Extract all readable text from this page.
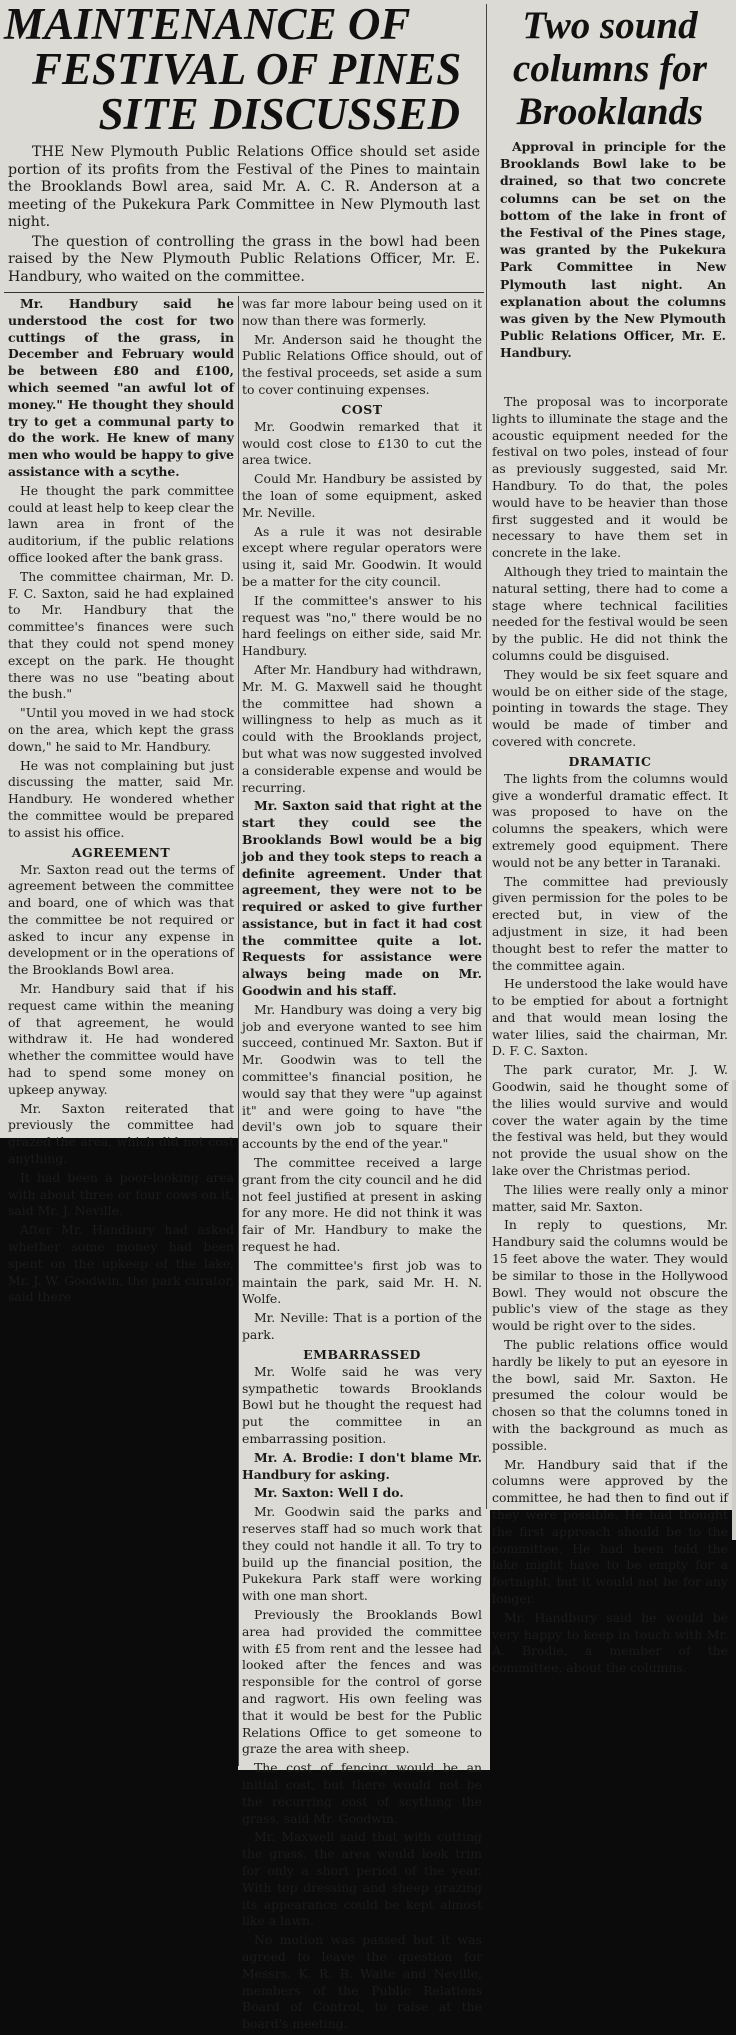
MAINTENANCE OF
FESTIVAL OF PINES
SITE DISCUSSED

THE New Plymouth Public Relations Office should set aside portion of its profits from the Festival of the Pines to maintain the Brooklands Bowl area, said Mr. A. C. R. Anderson at a meeting of the Pukekura Park Committee in New Plymouth last night.

The question of controlling the grass in the bowl had been raised by the New Plymouth Public Relations Officer, Mr. E. Handbury, who waited on the committee.

Mr. Handbury said he understood the cost for two cuttings of the grass, in December and February would be between £80 and £100, which seemed "an awful lot of money." He thought they should try to get a communal party to do the work. He knew of many men who would be happy to give assistance with a scythe.

He thought the park committee could at least help to keep clear the lawn area in front of the auditorium, if the public relations office looked after the bank grass.

The committee chairman, Mr. D. F. C. Saxton, said he had explained to Mr. Handbury that the committee's finances were such that they could not spend money except on the park. He thought there was no use "beating about the bush."

"Until you moved in we had stock on the area, which kept the grass down," he said to Mr. Handbury.

He was not complaining but just discussing the matter, said Mr. Handbury. He wondered whether the committee would be prepared to assist his office.

AGREEMENT

Mr. Saxton read out the terms of agreement between the committee and board, one of which was that the committee be not required or asked to incur any expense in development or in the operations of the Brooklands Bowl area.

Mr. Handbury said that if his request came within the meaning of that agreement, he would withdraw it. He had wondered whether the committee would have had to spend some money on upkeep anyway.

Mr. Saxton reiterated that previously the committee had grazed the area, which did not cost anything.

It had been a poor-looking area with about three or four cows on it, said Mr. J. Neville.

After Mr. Handbury had asked whether some money had been spent on the upkeep of the lake, Mr. J. W. Goodwin, the park curator, said there

was far more labour being used on it now than there was formerly.

Mr. Anderson said he thought the Public Relations Office should, out of the festival proceeds, set aside a sum to cover continuing expenses.

COST

Mr. Goodwin remarked that it would cost close to £130 to cut the area twice.

Could Mr. Handbury be assisted by the loan of some equipment, asked Mr. Neville.

As a rule it was not desirable except where regular operators were using it, said Mr. Goodwin. It would be a matter for the city council.

If the committee's answer to his request was "no," there would be no hard feelings on either side, said Mr. Handbury.

After Mr. Handbury had withdrawn, Mr. M. G. Maxwell said he thought the committee had shown a willingness to help as much as it could with the Brooklands project, but what was now suggested involved a considerable expense and would be recurring.

Mr. Saxton said that right at the start they could see the Brooklands Bowl would be a big job and they took steps to reach a definite agreement. Under that agreement, they were not to be required or asked to give further assistance, but in fact it had cost the committee quite a lot. Requests for assistance were always being made on Mr. Goodwin and his staff.

Mr. Handbury was doing a very big job and everyone wanted to see him succeed, continued Mr. Saxton. But if Mr. Goodwin was to tell the committee's financial position, he would say that they were "up against it" and were going to have "the devil's own job to square their accounts by the end of the year."

The committee received a large grant from the city council and he did not feel justified at present in asking for any more. He did not think it was fair of Mr. Handbury to make the request he had.

The committee's first job was to maintain the park, said Mr. H. N. Wolfe.

Mr. Neville: That is a portion of the park.

EMBARRASSED

Mr. Wolfe said he was very sympathetic towards Brooklands Bowl but he thought the request had put the committee in an embarrassing position.

Mr. A. Brodie: I don't blame Mr. Handbury for asking.

Mr. Saxton: Well I do.

Mr. Goodwin said the parks and reserves staff had so much work that they could not handle it all. To try to build up the financial position, the Pukekura Park staff were working with one man short.

Previously the Brooklands Bowl area had provided the committee with £5 from rent and the lessee had looked after the fences and was responsible for the control of gorse and ragwort. His own feeling was that it would be best for the Public Relations Office to get someone to graze the area with sheep.

The cost of fencing would be an initial cost, but there would not be the recurring cost of scything the grass, said Mr. Goodwin.

Mr. Maxwell said that with cutting the grass, the area would look trim for only a short period of the year. With top dressing and sheep grazing its appearance could be kept almost like a lawn.

No motion was passed but it was agreed to leave the question for Messrs. K. R. B. Waite and Neville, members of the Public Relations Board of Control, to raise at the board's meeting.

Two sound
columns for
Brooklands

Approval in principle for the Brooklands Bowl lake to be drained, so that two concrete columns can be set on the bottom of the lake in front of the Festival of the Pines stage, was granted by the Pukekura Park Committee in New Plymouth last night. An explanation about the columns was given by the New Plymouth Public Relations Officer, Mr. E. Handbury.

The proposal was to incorporate lights to illuminate the stage and the acoustic equipment needed for the festival on two poles, instead of four as previously suggested, said Mr. Handbury. To do that, the poles would have to be heavier than those first suggested and it would be necessary to have them set in concrete in the lake.

Although they tried to maintain the natural setting, there had to come a stage where technical facilities needed for the festival would be seen by the public. He did not think the columns could be disguised.

They would be six feet square and would be on either side of the stage, pointing in towards the stage. They would be made of timber and covered with concrete.

DRAMATIC

The lights from the columns would give a wonderful dramatic effect. It was proposed to have on the columns the speakers, which were extremely good equipment. There would not be any better in Taranaki.

The committee had previously given permission for the poles to be erected but, in view of the adjustment in size, it had been thought best to refer the matter to the committee again.

He understood the lake would have to be emptied for about a fortnight and that would mean losing the water lilies, said the chairman, Mr. D. F. C. Saxton.

The park curator, Mr. J. W. Goodwin, said he thought some of the lilies would survive and would cover the water again by the time the festival was held, but they would not provide the usual show on the lake over the Christmas period.

The lilies were really only a minor matter, said Mr. Saxton.

In reply to questions, Mr. Handbury said the columns would be 15 feet above the water. They would be similar to those in the Hollywood Bowl. They would not obscure the public's view of the stage as they would be right over to the sides.

The public relations office would hardly be likely to put an eyesore in the bowl, said Mr. Saxton. He presumed the colour would be chosen so that the columns toned in with the background as much as possible.

Mr. Handbury said that if the columns were approved by the committee, he had then to find out if they were possible. He had thought the first approach should be to the committee. He had been told the lake might have to be empty for a fortnight, but it would not be for any longer.

Mr. Handbury said he would be very happy to keep in touch with Mr. A. Brodie, a member of the committee, about the columns.
